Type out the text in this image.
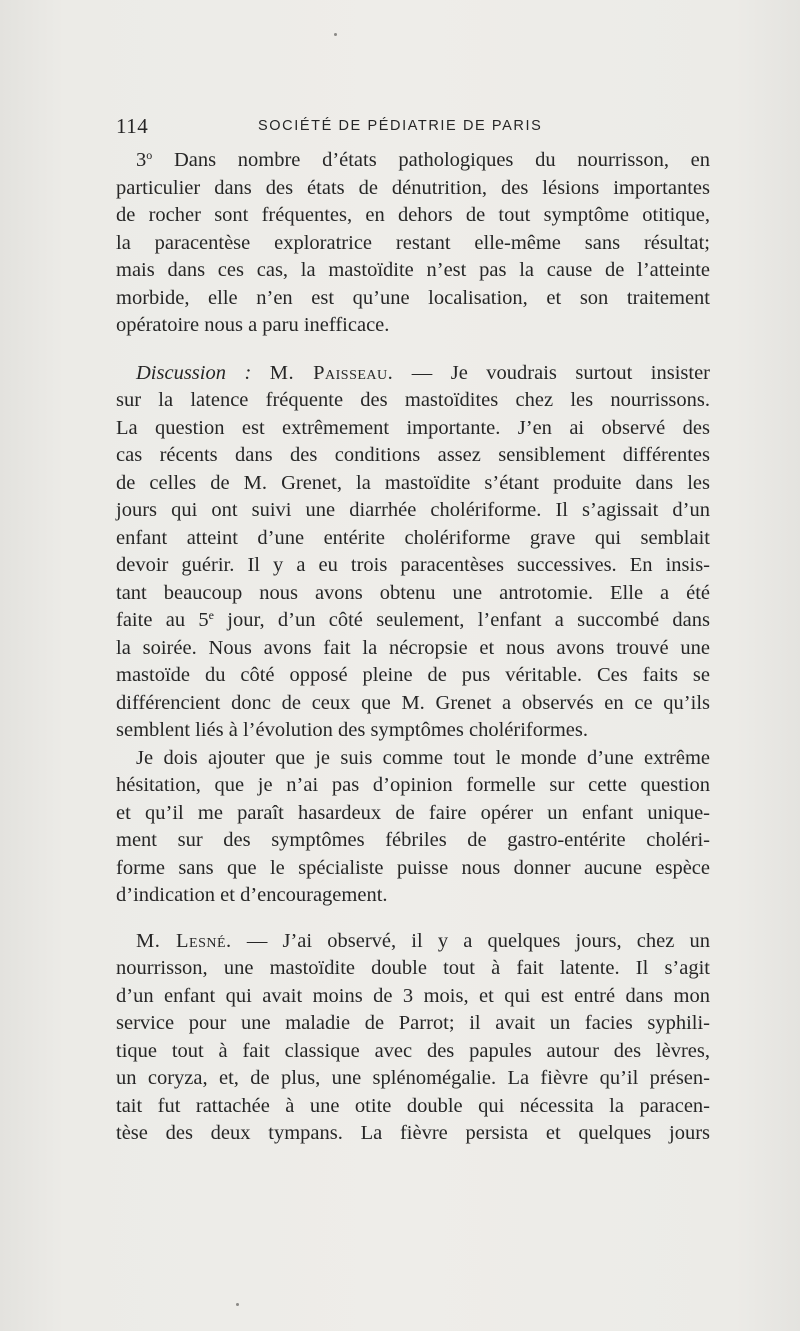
114	SOCIÉTÉ DE PÉDIATRIE DE PARIS
3$^o$ Dans nombre d’états pathologiques du nourrisson, en
particulier dans des états de dénutrition, des lésions importantes
de rocher sont fréquentes, en dehors de tout symptôme otitique,
la paracentèse exploratrice restant elle-même sans résultat;
mais dans ces cas, la mastoïdite n’est pas la cause de l’atteinte
morbide, elle n’en est qu’une localisation, et son traitement
opératoire nous a paru inefficace.
Discussion : M. Paisseau. — Je voudrais surtout insister
sur la latence fréquente des mastoïdites chez les nourrissons.
La question est extrêmement importante. J’en ai observé des
cas récents dans des conditions assez sensiblement différentes
de celles de M. Grenet, la mastoïdite s’étant produite dans les
jours qui ont suivi une diarrhée cholériforme. Il s’agissait d’un
enfant atteint d’une entérite cholériforme grave qui semblait
devoir guérir. Il y a eu trois paracentèses successives. En insis-
tant beaucoup nous avons obtenu une antrotomie. Elle a été
faite au 5e jour, d’un côté seulement, l’enfant a succombé dans
la soirée. Nous avons fait la nécropsie et nous avons trouvé une
mastoïde du côté opposé pleine de pus véritable. Ces faits se
différencient donc de ceux que M. Grenet a observés en ce qu’ils
semblent liés à l’évolution des symptômes cholériformes.
Je dois ajouter que je suis comme tout le monde d’une extrême
hésitation, que je n’ai pas d’opinion formelle sur cette question
et qu’il me paraît hasardeux de faire opérer un enfant unique-
ment sur des symptômes fébriles de gastro-entérite choléri-
forme sans que le spécialiste puisse nous donner aucune espèce
d’indication et d’encouragement.
M. Lesné. — J’ai observé, il y a quelques jours, chez un
nourrisson, une mastoïdite double tout à fait latente. Il s’agit
d’un enfant qui avait moins de 3 mois, et qui est entré dans mon
service pour une maladie de Parrot; il avait un facies syphili-
tique tout à fait classique avec des papules autour des lèvres,
un coryza, et, de plus, une splénomégalie. La fièvre qu’il présen-
tait fut rattachée à une otite double qui nécessita la paracen-
tèse des deux tympans. La fièvre persista et quelques jours
